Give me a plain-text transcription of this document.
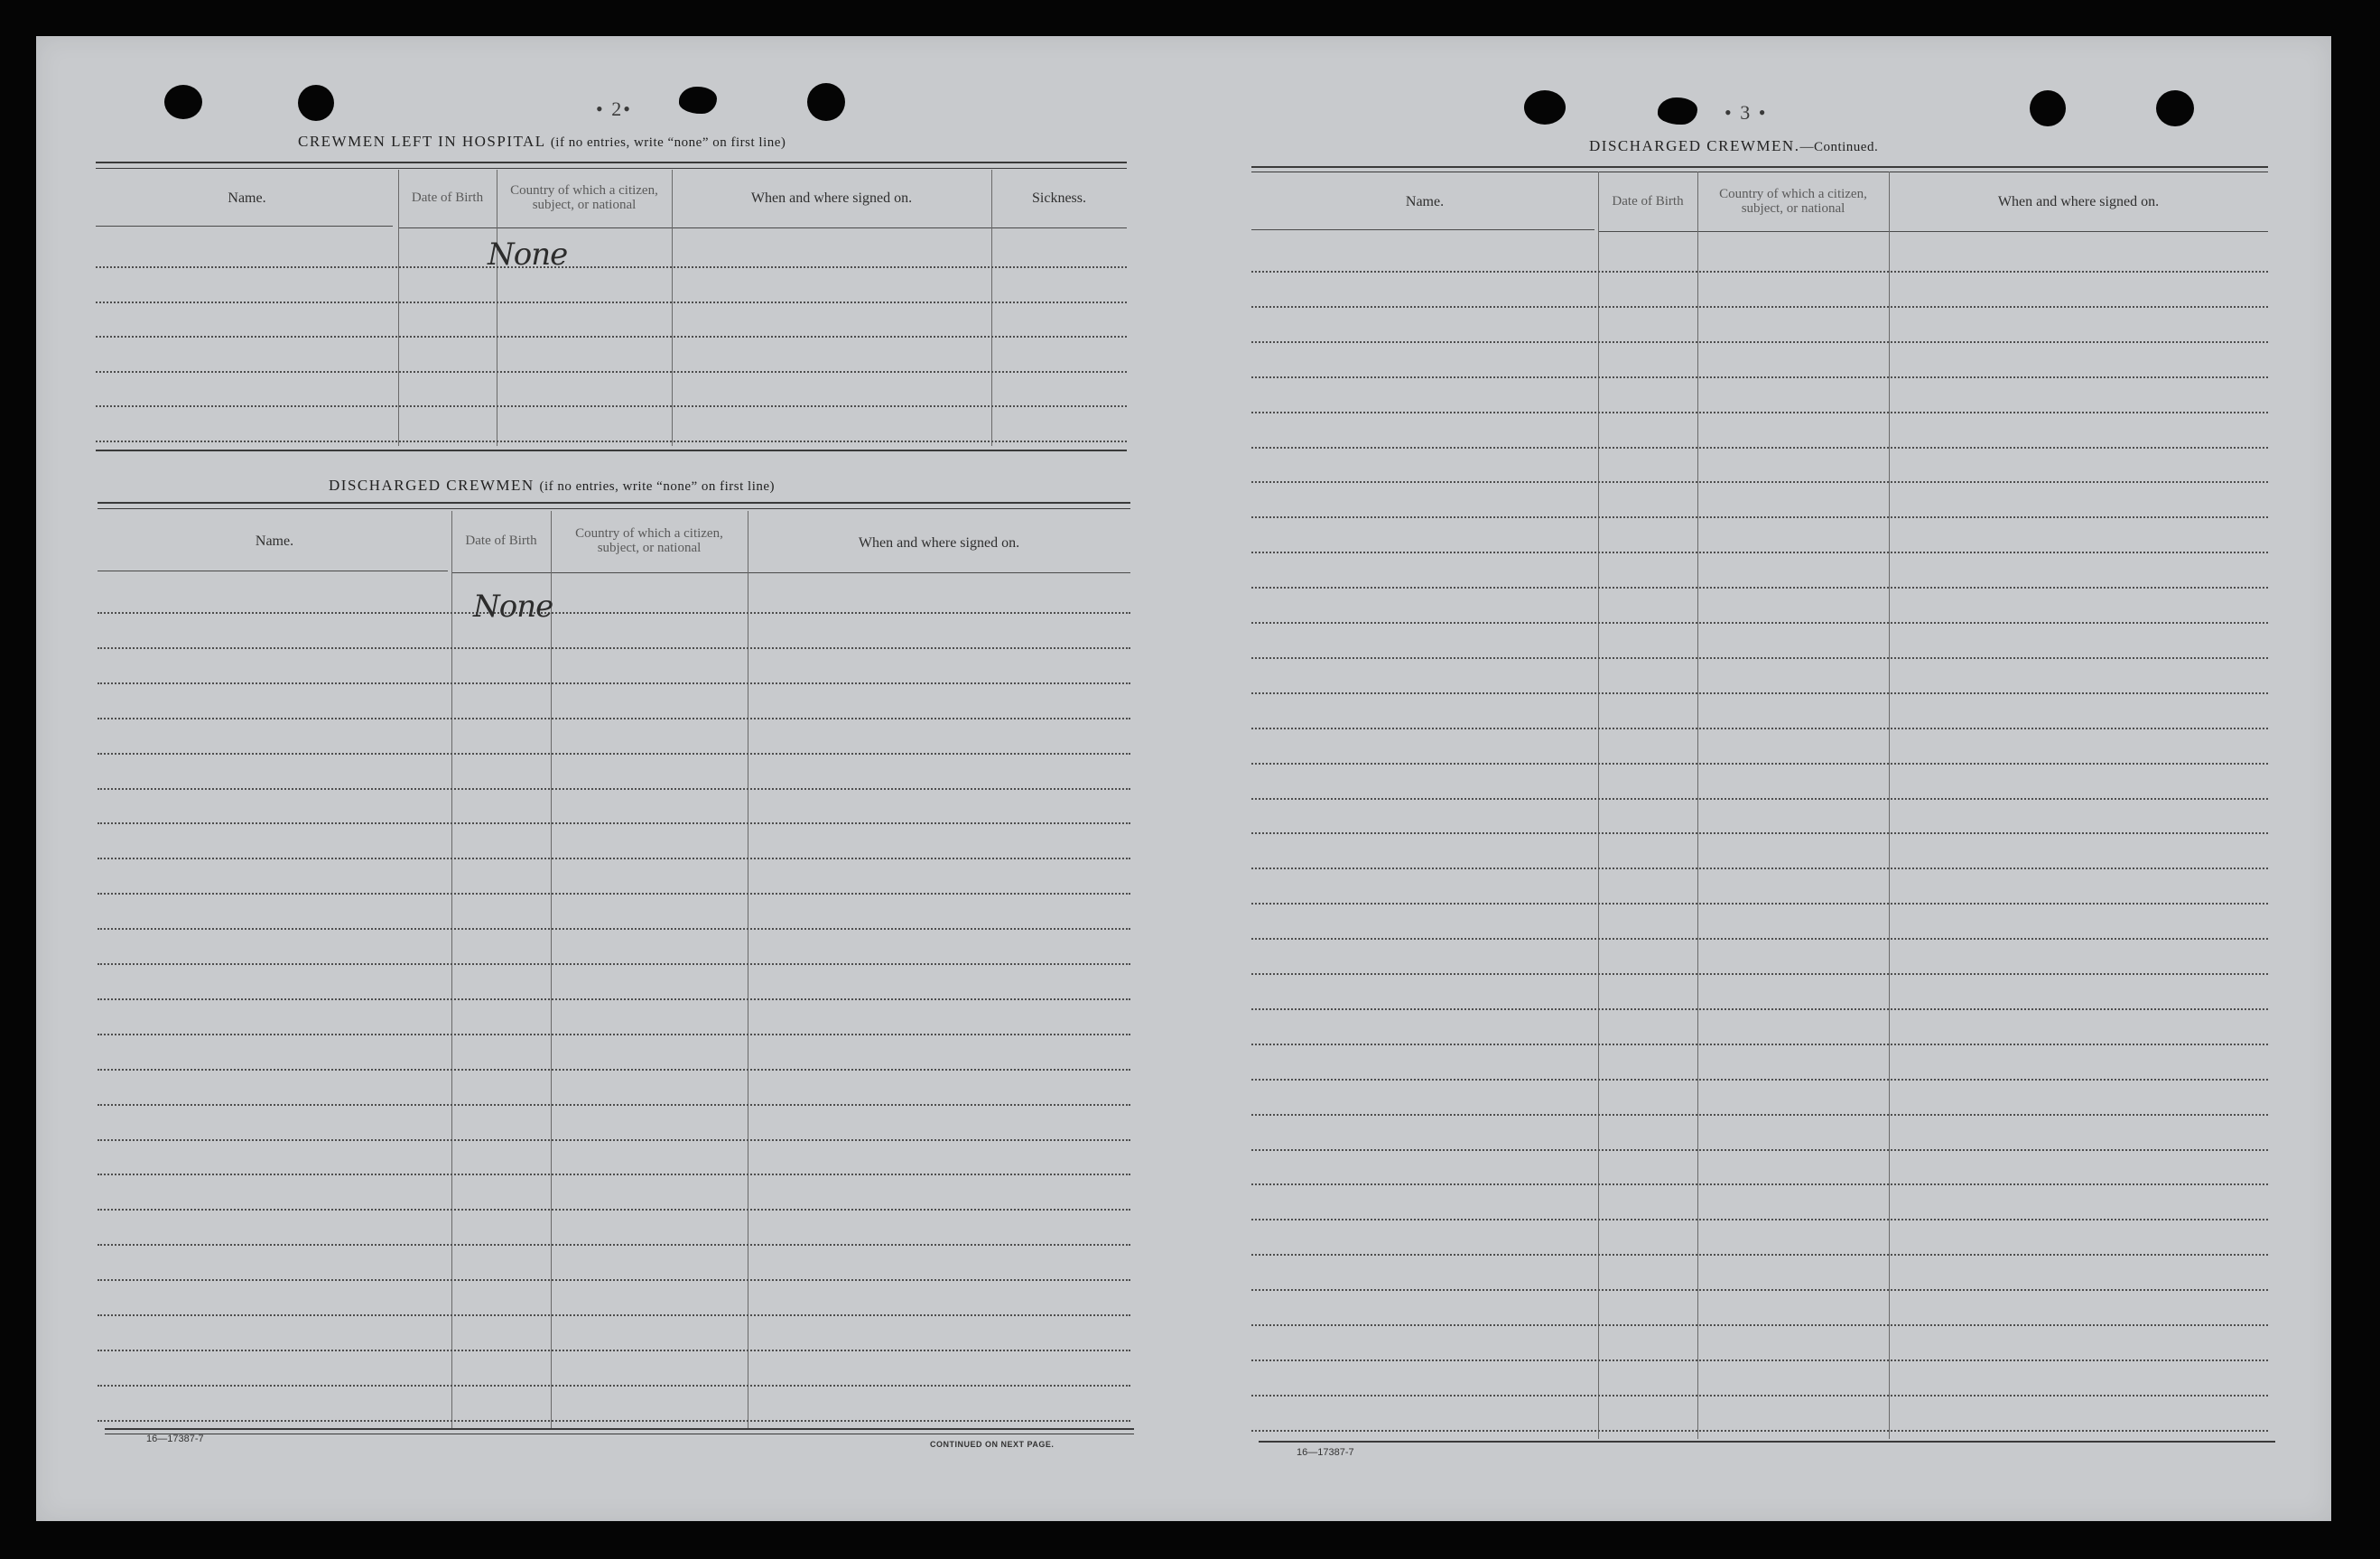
• 2•
CREWMEN LEFT IN HOSPITAL (if no entries, write “none” on first line)
• 3 •
DISCHARGED CREWMEN.—Continued.
Name.	Date of Birth	Country of which a citizen, subject, or national	When and where signed on.	Sickness.
Name.	Date of Birth	Country of which a citizen, subject, or national	When and where signed on.
Name.	Date of Birth	Country of which a citizen, subject, or national	When and where signed on.
None
None
DISCHARGED CREWMEN (if no entries, write “none” on first line)
16—17387-7	CONTINUED ON NEXT PAGE.
16—17387-7
